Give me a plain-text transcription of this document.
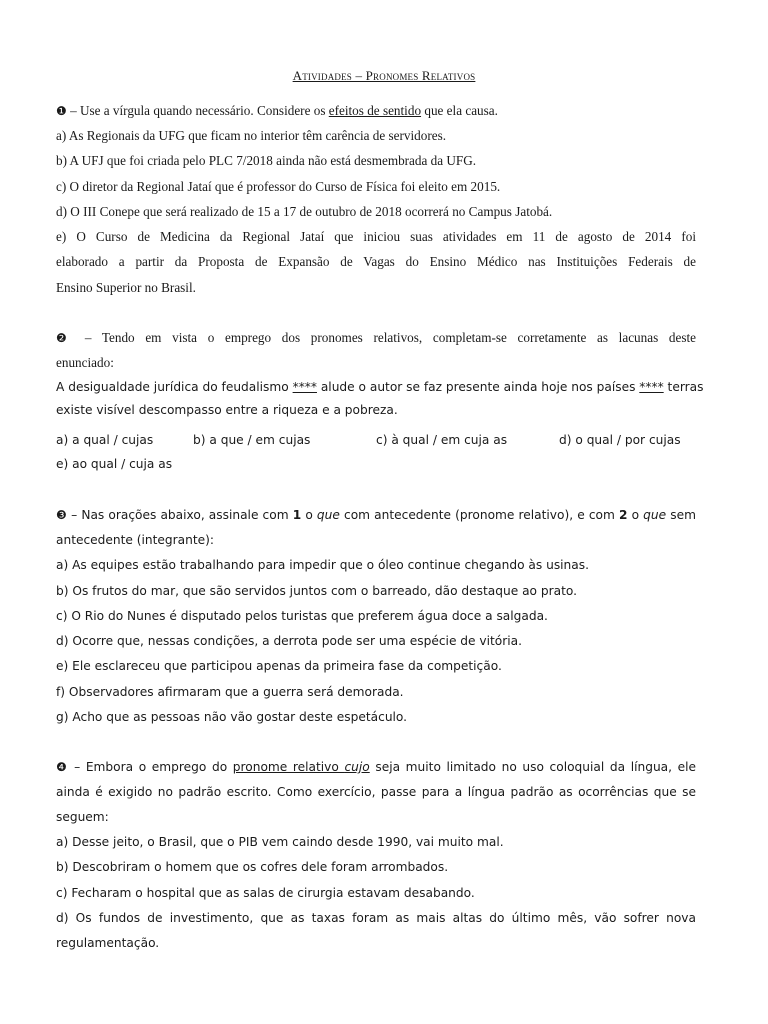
Atividades – Pronomes Relativos
❶ – Use a vírgula quando necessário. Considere os efeitos de sentido que ela causa.
a) As Regionais da UFG que ficam no interior têm carência de servidores.
b) A UFJ que foi criada pelo PLC 7/2018 ainda não está desmembrada da UFG.
c) O diretor da Regional Jataí que é professor do Curso de Física foi eleito em 2015.
d) O III Conepe que será realizado de 15 a 17 de outubro de 2018 ocorrerá no Campus Jatobá.
e) O Curso de Medicina da Regional Jataí que iniciou suas atividades em 11 de agosto de 2014 foi
elaborado a partir da Proposta de Expansão de Vagas do Ensino Médico nas Instituições Federais de
Ensino Superior no Brasil.
❷ – Tendo em vista o emprego dos pronomes relativos, completam-se corretamente as lacunas deste
enunciado:
A desigualdade jurídica do feudalismo **** alude o autor se faz presente ainda hoje nos países **** terras
existe visível descompasso entre a riqueza e a pobreza.
a) a qual / cujas	b) a que / em cujas	c) à qual / em cuja as	d) o qual / por cujas
e) ao qual / cuja as
❸ – Nas orações abaixo, assinale com 1 o que com antecedente (pronome relativo), e com 2 o que sem
antecedente (integrante):
a) As equipes estão trabalhando para impedir que o óleo continue chegando às usinas.
b) Os frutos do mar, que são servidos juntos com o barreado, dão destaque ao prato.
c) O Rio do Nunes é disputado pelos turistas que preferem água doce a salgada.
d) Ocorre que, nessas condições, a derrota pode ser uma espécie de vitória.
e) Ele esclareceu que participou apenas da primeira fase da competição.
f) Observadores afirmaram que a guerra será demorada.
g) Acho que as pessoas não vão gostar deste espetáculo.
❹ – Embora o emprego do pronome relativo cujo seja muito limitado no uso coloquial da língua, ele
ainda é exigido no padrão escrito. Como exercício, passe para a língua padrão as ocorrências que se
seguem:
a) Desse jeito, o Brasil, que o PIB vem caindo desde 1990, vai muito mal.
b) Descobriram o homem que os cofres dele foram arrombados.
c) Fecharam o hospital que as salas de cirurgia estavam desabando.
d) Os fundos de investimento, que as taxas foram as mais altas do último mês, vão sofrer nova
regulamentação.
